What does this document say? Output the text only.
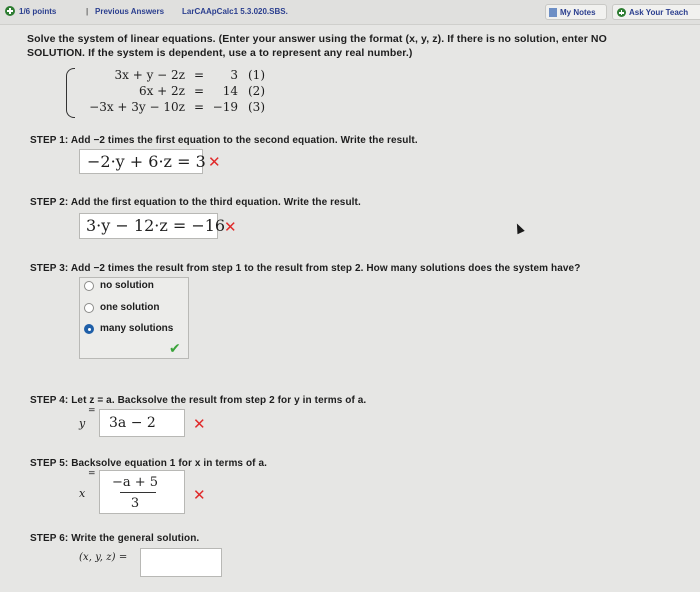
1/6 points	| Previous Answers LarCAApCalc1 5.3.020.SBS.	My Notes	Ask Your Teach
Solve the system of linear equations. (Enter your answer using the format (x, y, z). If there is no solution, enter NO
SOLUTION. If the system is dependent, use a to represent any real number.)
3x + y − 2z =	3 (1)
6x + 2z =	14 (2)
−3x + 3y − 10z = −19 (3)
STEP 1: Add −2 times the first equation to the second equation. Write the result.
−2·y + 6·z = 3 ✕
STEP 2: Add the first equation to the third equation. Write the result.
3·y − 12·z = −16
✕
STEP 3: Add −2 times the result from step 1 to the result from step 2. How many solutions does the system have?
no solution
one solution
many solutions
✔
STEP 4: Let z = a. Backsolve the result from step 2 for y in terms of a.
=
y	3a − 2	✕
STEP 5: Backsolve equation 1 for x in terms of a.
=
x
−a + 5
3	✕
STEP 6: Write the general solution.
(x, y, z) =
